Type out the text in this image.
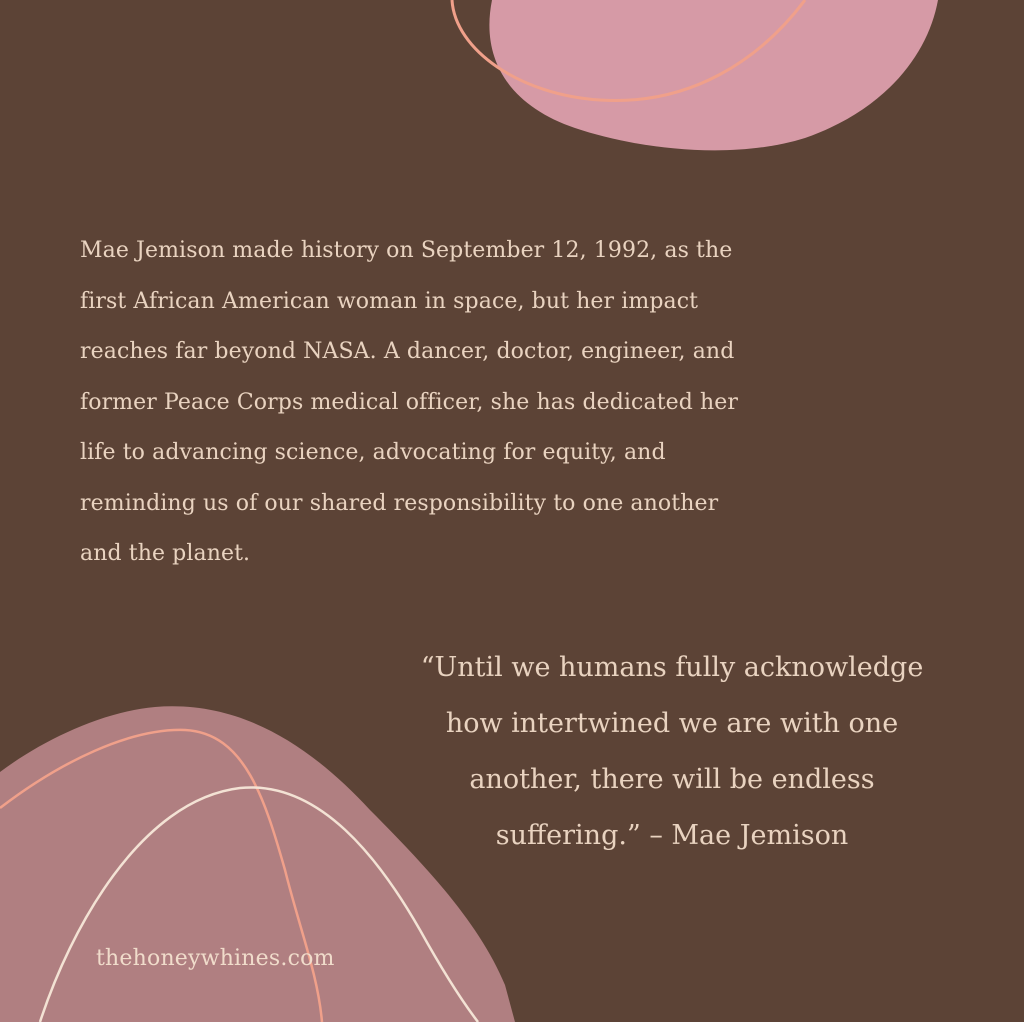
Mae Jemison made history on September 12, 1992, as the
first African American woman in space, but her impact
reaches far beyond NASA. A dancer, doctor, engineer, and
former Peace Corps medical officer, she has dedicated her
life to advancing science, advocating for equity, and
reminding us of our shared responsibility to one another
and the planet.

“Until we humans fully acknowledge
how intertwined we are with one
another, there will be endless
suffering.” – Mae Jemison

thehoneywhines.com
